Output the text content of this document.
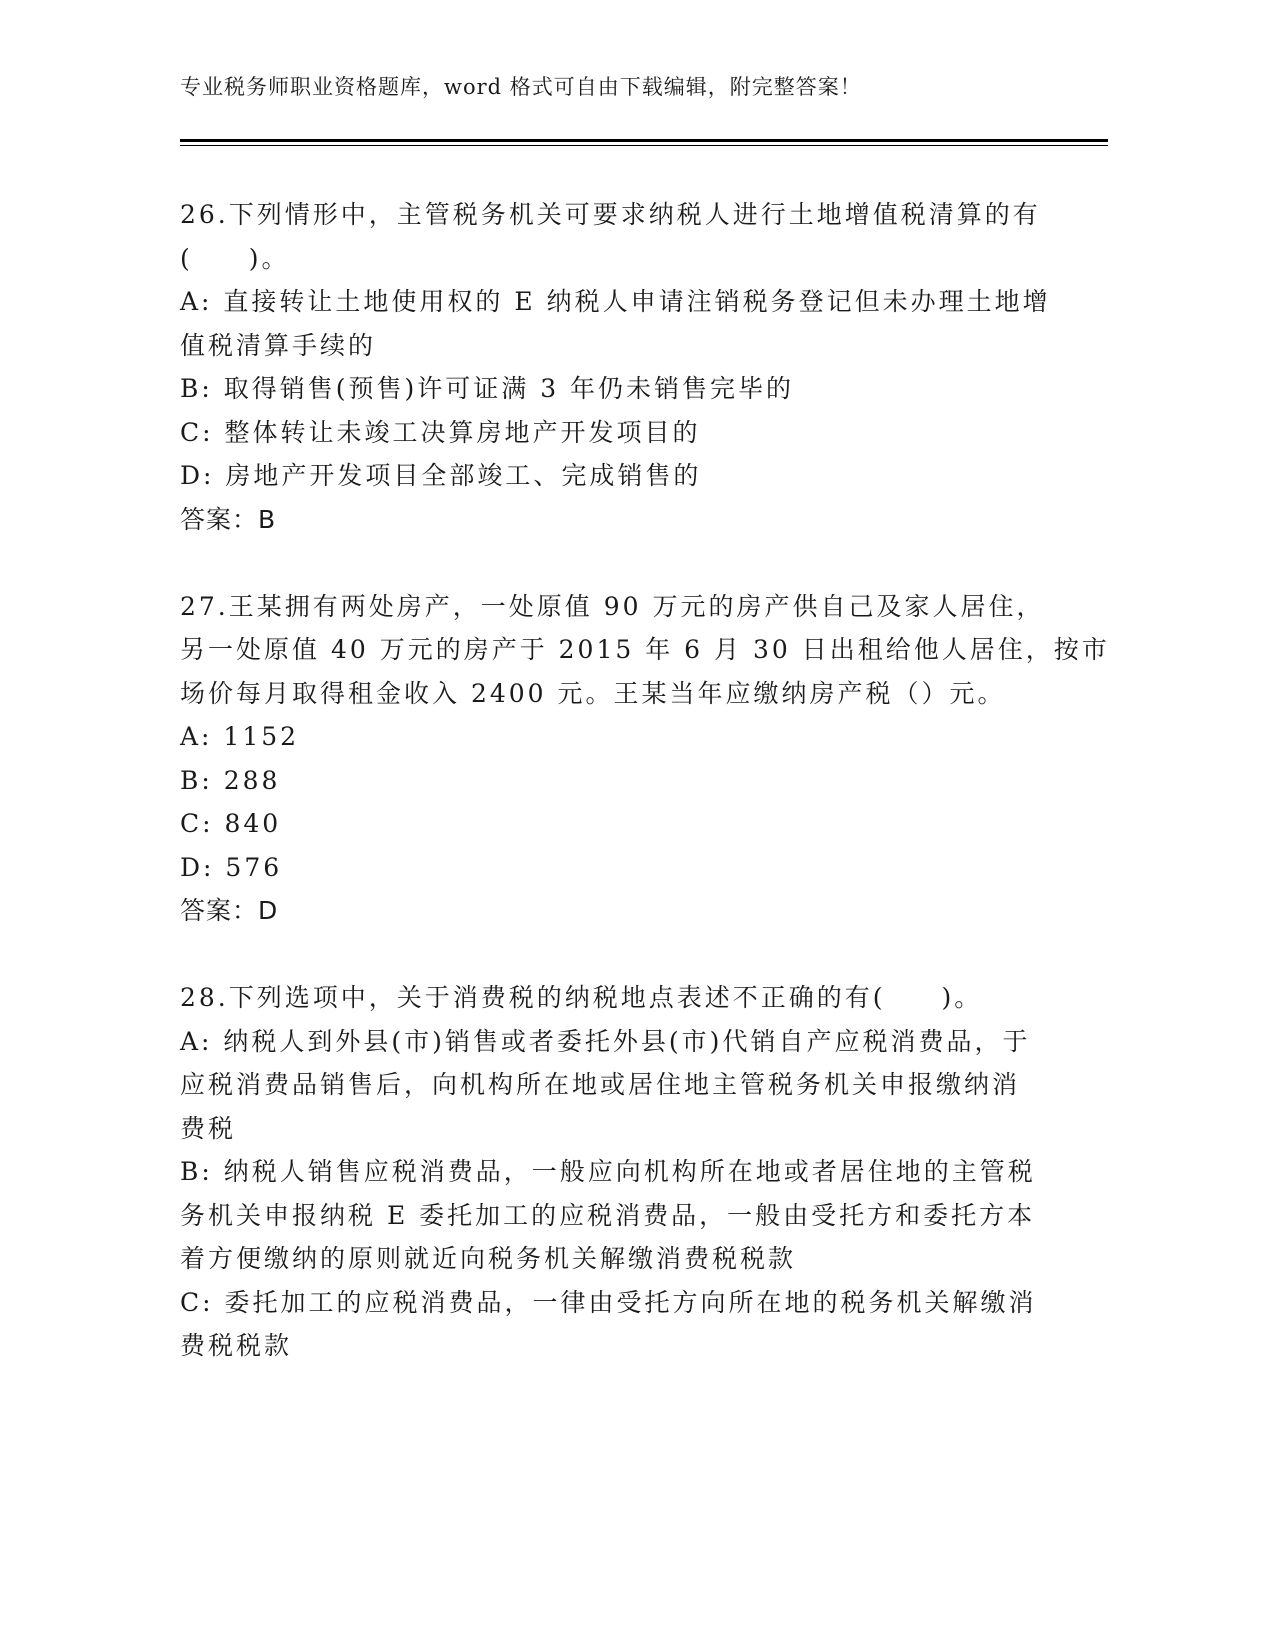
专业税务师职业资格题库，word 格式可自由下载编辑，附完整答案！
26.下列情形中，主管税务机关可要求纳税人进行土地增值税清算的有
(　　)。
A: 直接转让土地使用权的 E 纳税人申请注销税务登记但未办理土地增
值税清算手续的
B: 取得销售(预售)许可证满 3 年仍未销售完毕的
C: 整体转让未竣工决算房地产开发项目的
D: 房地产开发项目全部竣工、完成销售的
答案：B
27.王某拥有两处房产，一处原值 90 万元的房产供自己及家人居住，
另一处原值 40 万元的房产于 2015 年 6 月 30 日出租给他人居住，按市
场价每月取得租金收入 2400 元。王某当年应缴纳房产税（）元。
A: 1152
B: 288
C: 840
D: 576
答案：D
28.下列选项中，关于消费税的纳税地点表述不正确的有(　　)。
A: 纳税人到外县(市)销售或者委托外县(市)代销自产应税消费品，于
应税消费品销售后，向机构所在地或居住地主管税务机关申报缴纳消
费税
B: 纳税人销售应税消费品，一般应向机构所在地或者居住地的主管税
务机关申报纳税 E 委托加工的应税消费品，一般由受托方和委托方本
着方便缴纳的原则就近向税务机关解缴消费税税款
C: 委托加工的应税消费品，一律由受托方向所在地的税务机关解缴消
费税税款
